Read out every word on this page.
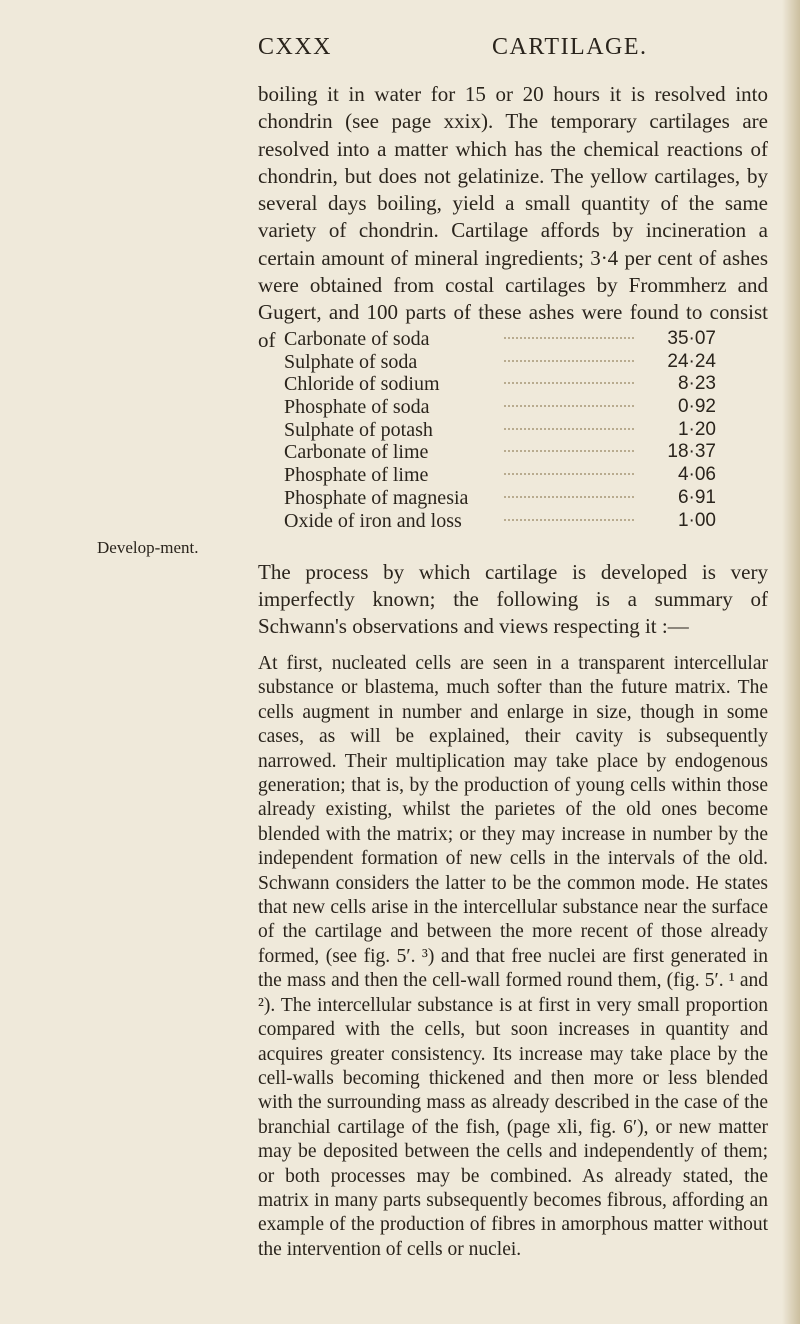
CXXX	CARTILAGE.

boiling it in water for 15 or 20 hours it is resolved into chondrin (see page xxix). The temporary cartilages are resolved into a matter which has the chemical reactions of chondrin, but does not gelatinize. The yellow cartilages, by several days boiling, yield a small quantity of the same variety of chondrin. Cartilage affords by incineration a certain amount of mineral ingredients; 3·4 per cent of ashes were obtained from costal cartilages by Frommherz and Gugert, and 100 parts of these ashes were found to consist of Carbonate of soda	35·07
Sulphate of soda	24·24
Chloride of sodium	8·23
Phosphate of soda	0·92
Sulphate of potash	1·20
Carbonate of lime	18·37
Phosphate of lime	4·06
Phosphate of magnesia	6·91
Oxide of iron and loss	1·00
Develop-ment.

The process by which cartilage is developed is very imperfectly known; the following is a summary of Schwann's observations and views respecting it :—

At first, nucleated cells are seen in a transparent intercellular substance or blastema, much softer than the future matrix. The cells augment in number and enlarge in size, though in some cases, as will be explained, their cavity is subsequently narrowed. Their multiplication may take place by endogenous generation; that is, by the production of young cells within those already existing, whilst the parietes of the old ones become blended with the matrix; or they may increase in number by the independent formation of new cells in the intervals of the old. Schwann considers the latter to be the common mode. He states that new cells arise in the intercellular substance near the surface of the cartilage and between the more recent of those already formed, (see fig. 5′. ³) and that free nuclei are first generated in the mass and then the cell-wall formed round them, (fig. 5′. ¹ and ²). The intercellular substance is at first in very small proportion compared with the cells, but soon increases in quantity and acquires greater consistency. Its increase may take place by the cell-walls becoming thickened and then more or less blended with the surrounding mass as already described in the case of the branchial cartilage of the fish, (page xli, fig. 6′), or new matter may be deposited between the cells and independently of them; or both processes may be combined. As already stated, the matrix in many parts subsequently becomes fibrous, affording an example of the production of fibres in amorphous matter without the intervention of cells or nuclei.
